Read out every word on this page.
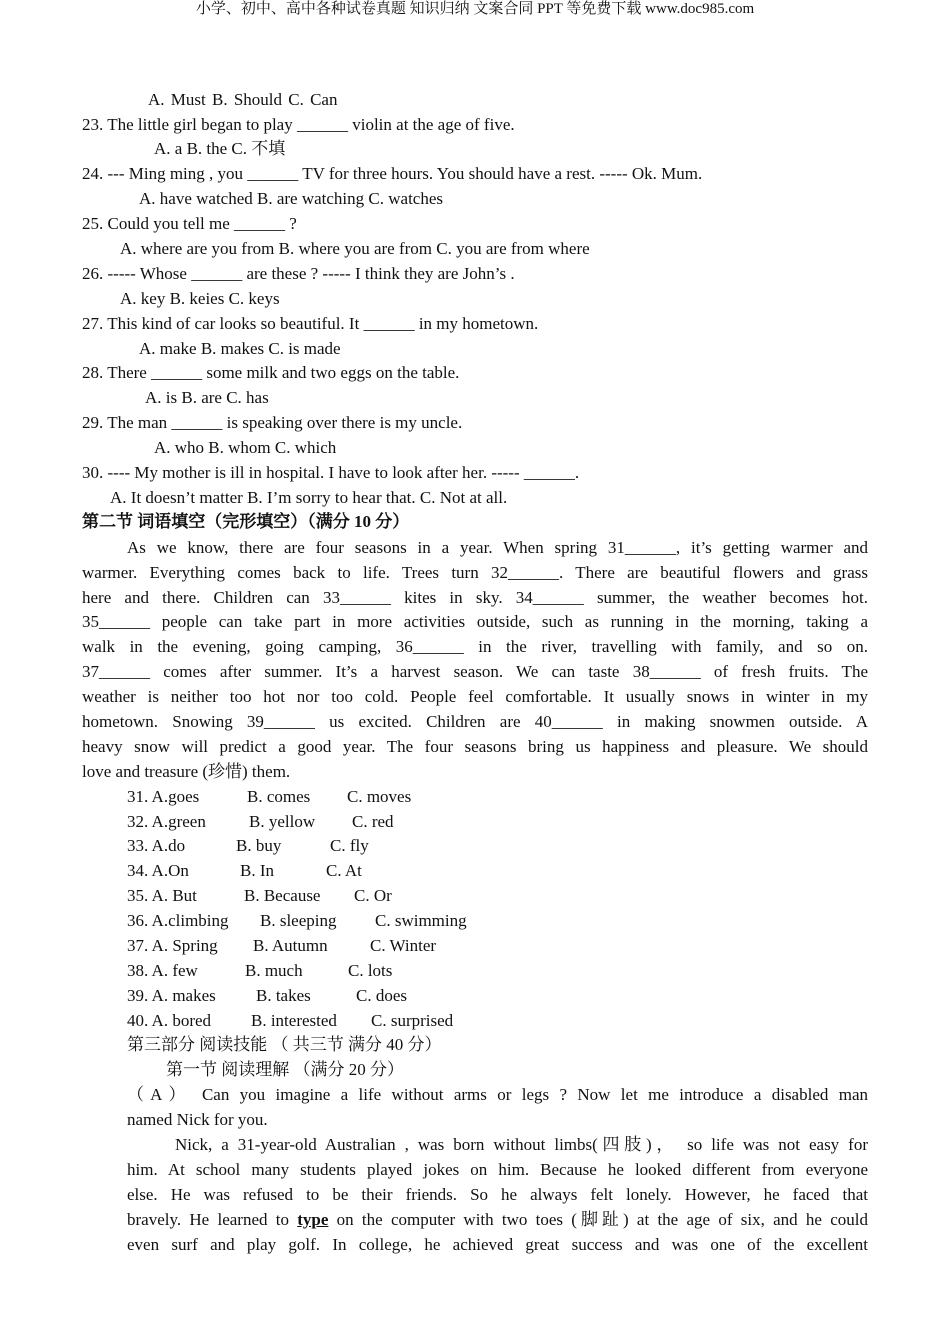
小学、初中、高中各种试卷真题 知识归纳 文案合同 PPT 等免费下载 www.doc985.com
A. Must B. Should C. Can
23. The little girl began to play ______ violin at the age of five.
A. a B. the C. 不填
24. --- Ming ming , you ______ TV for three hours. You should have a rest. ----- Ok. Mum.
A. have watched B. are watching C. watches
25. Could you tell me ______ ?
A. where are you from B. where you are from C. you are from where
26. ----- Whose ______ are these ? ----- I think they are John’s .
A. key B. keies C. keys
27. This kind of car looks so beautiful. It ______ in my hometown.
A. make B. makes C. is made
28. There ______ some milk and two eggs on the table.
A. is B. are C. has
29. The man ______ is speaking over there is my uncle.
A. who B. whom C. which
30. ---- My mother is ill in hospital. I have to look after her. ----- ______.
A. It doesn’t matter B. I’m sorry to hear that. C. Not at all.
第二节 词语填空（完形填空）（满分 10 分）
As we know, there are four seasons in a year. When spring 31______, it’s getting warmer and
warmer. Everything comes back to life. Trees turn 32______. There are beautiful flowers and grass
here and there. Children can 33______ kites in sky. 34______ summer, the weather becomes hot.
35______ people can take part in more activities outside, such as running in the morning, taking a
walk in the evening, going camping, 36______ in the river, travelling with family, and so on.
37______ comes after summer. It’s a harvest season. We can taste 38______ of fresh fruits. The
weather is neither too hot nor too cold. People feel comfortable. It usually snows in winter in my
hometown. Snowing 39______ us excited. Children are 40______ in making snowmen outside. A
heavy snow will predict a good year. The four seasons bring us happiness and pleasure. We should
love and treasure (珍惜) them.
31. A.goes	B. comes C. moves
32. A.green	B. yellow C. red
33. A.do	B. buy	C. fly
34. A.On	B. In	C. At
35. A. But	B. Because C. Or
36. A.climbing B. sleeping C. swimming
37. A. Spring B. Autumn C. Winter
38. A. few	B. much	C. lots
39. A. makes B. takes	C. does
40. A. bored B. interested C. surprised
第三部分 阅读技能 （ 共三节 满分 40 分）
第一节 阅读理解 （满分 20 分）
（A） Can you imagine a life without arms or legs ? Now let me introduce a disabled man
named Nick for you.
Nick, a 31-year-old Australian , was born without limbs(四肢)， so life was not easy for
him. At school many students played jokes on him. Because he looked different from everyone
else. He was refused to be their friends. So he always felt lonely. However, he faced that
bravely. He learned to type on the computer with two toes (脚趾) at the age of six, and he could
even surf and play golf. In college, he achieved great success and was one of the excellent
